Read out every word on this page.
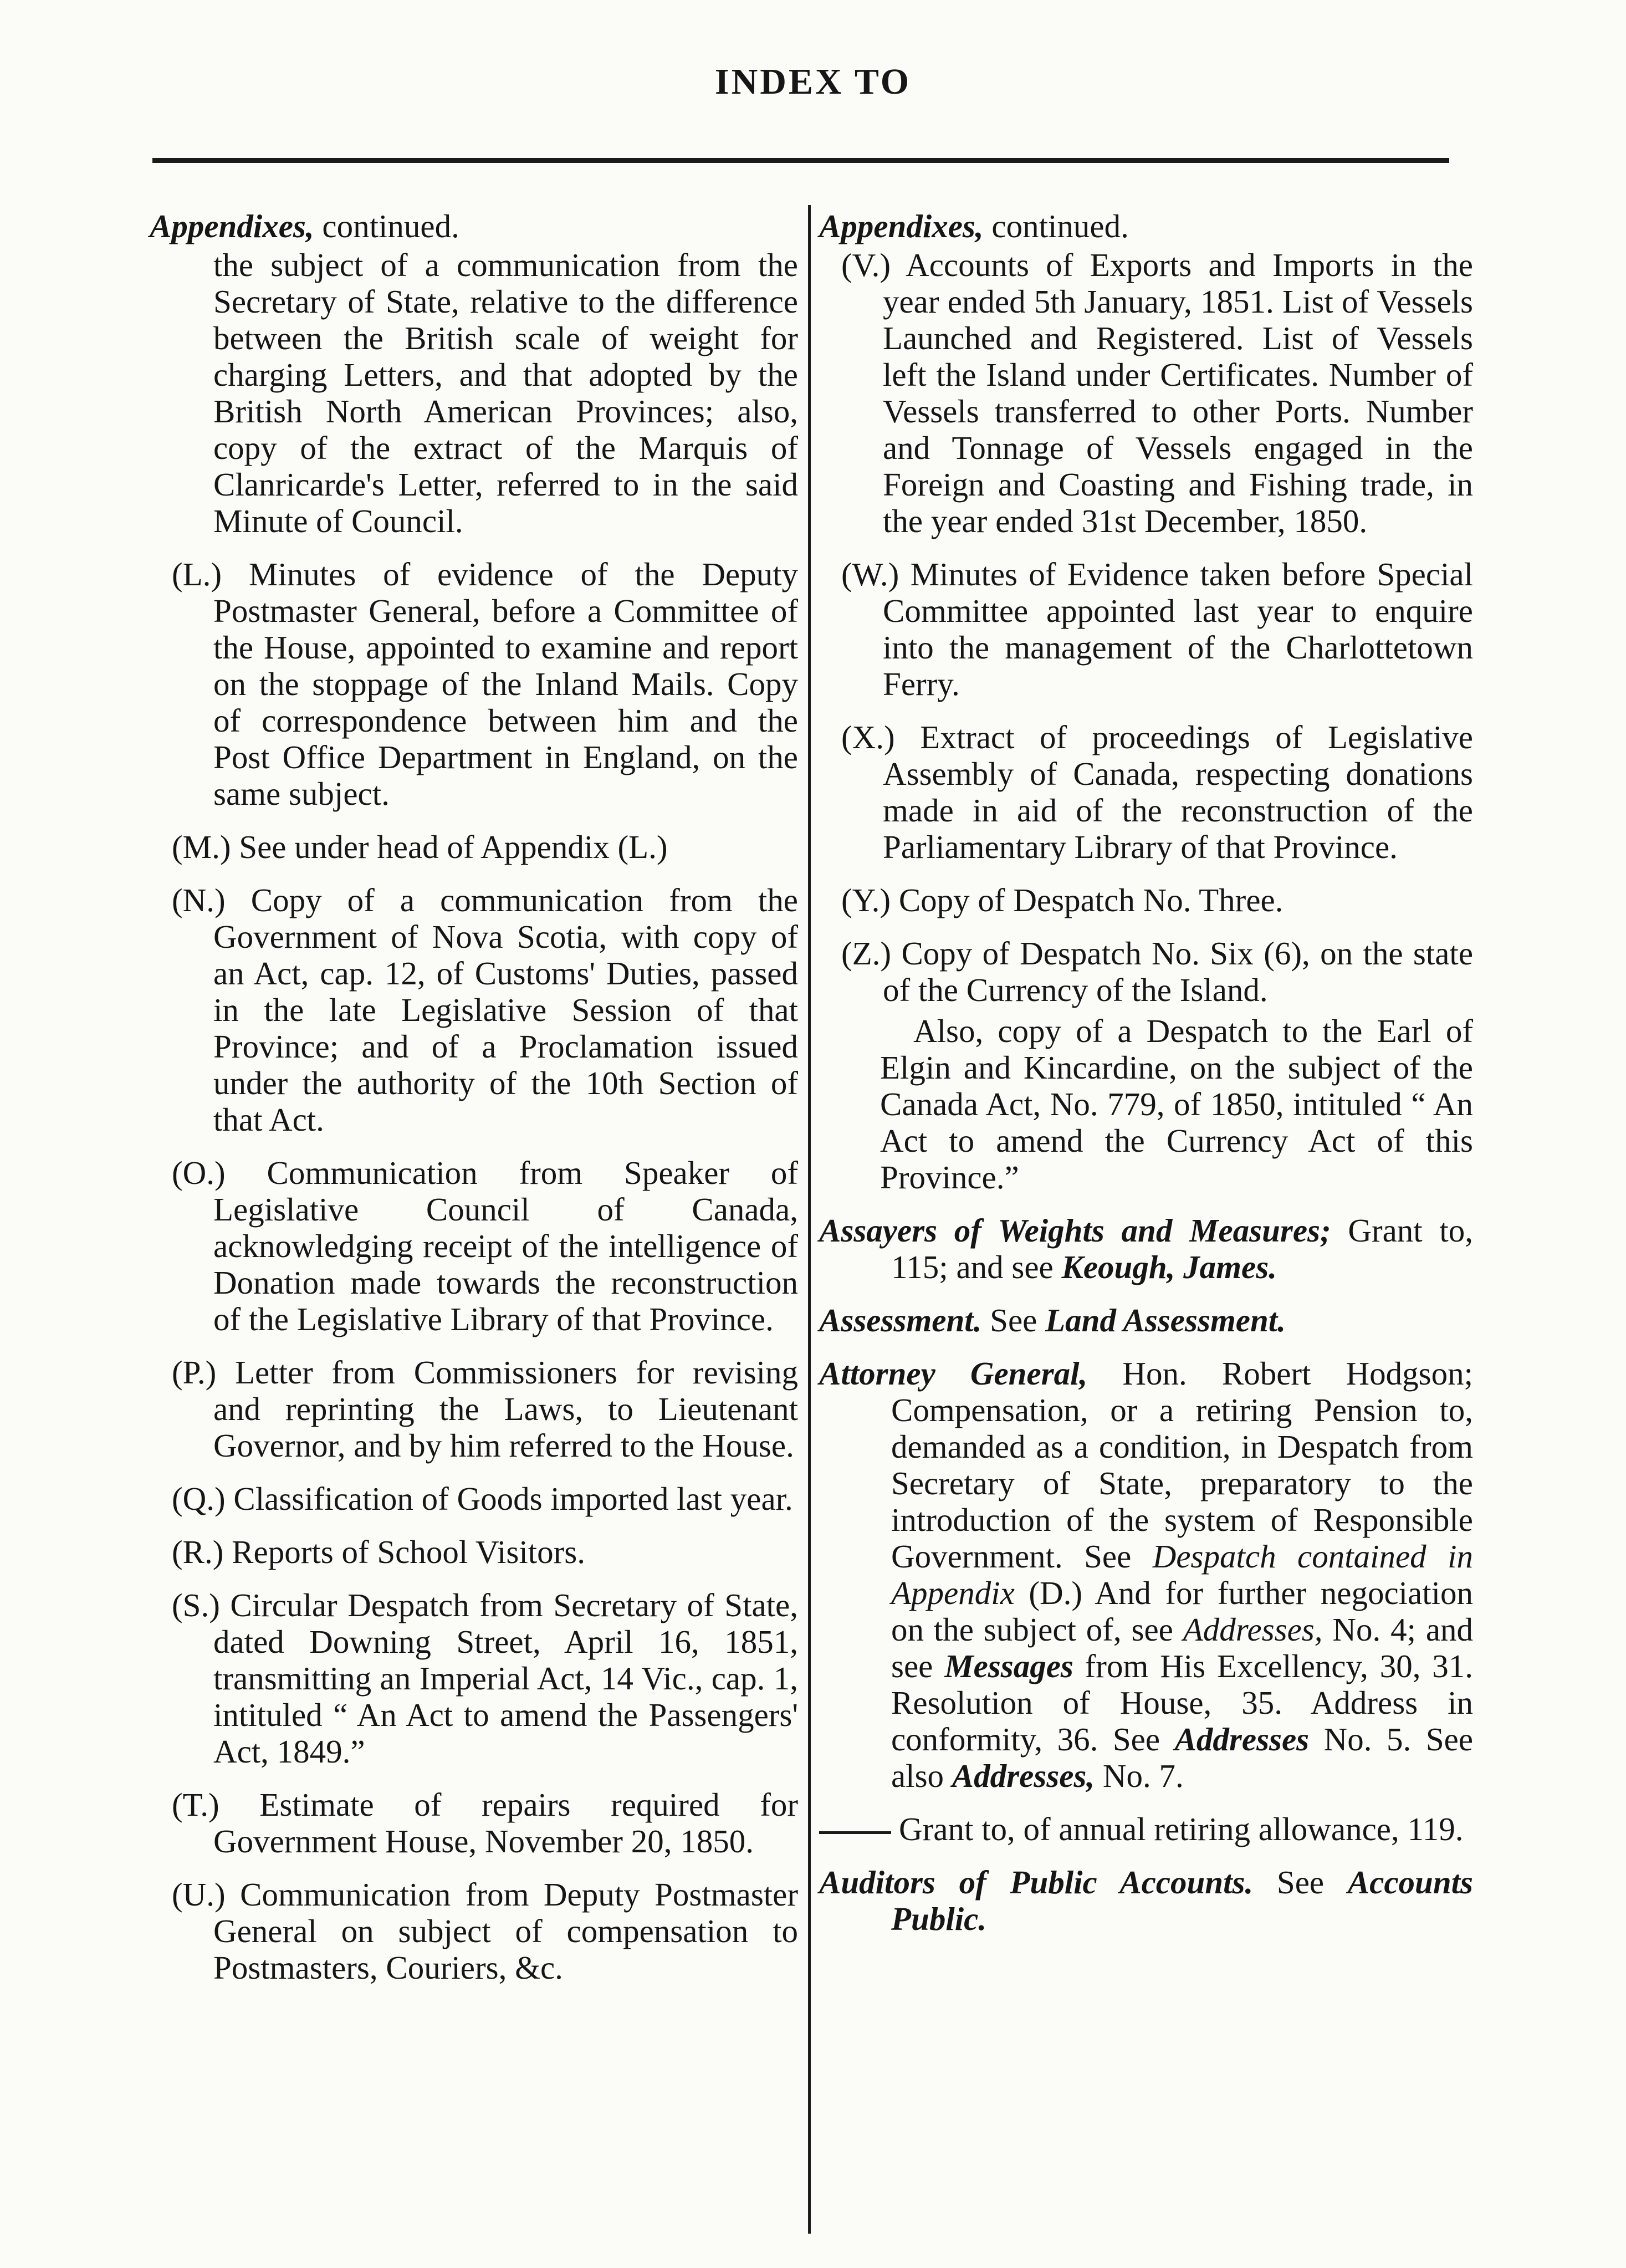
INDEX TO

Appendixes, continued.

the subject of a communication from the Secretary of State, relative to the difference between the British scale of weight for charging Letters, and that adopted by the British North American Provinces; also, copy of the extract of the Marquis of Clanricarde's Letter, referred to in the said Minute of Council.

(L.) Minutes of evidence of the Deputy Postmaster General, before a Committee of the House, appointed to examine and report on the stoppage of the Inland Mails. Copy of correspondence between him and the Post Office Department in England, on the same subject.

(M.) See under head of Appendix (L.)

(N.) Copy of a communication from the Government of Nova Scotia, with copy of an Act, cap. 12, of Customs' Duties, passed in the late Legislative Session of that Province; and of a Proclamation issued under the authority of the 10th Section of that Act.

(O.) Communication from Speaker of Legislative Council of Canada, acknowledging receipt of the intelligence of Donation made towards the reconstruction of the Legislative Library of that Province.

(P.) Letter from Commissioners for revising and reprinting the Laws, to Lieutenant Governor, and by him referred to the House.

(Q.) Classification of Goods imported last year.

(R.) Reports of School Visitors.

(S.) Circular Despatch from Secretary of State, dated Downing Street, April 16, 1851, transmitting an Imperial Act, 14 Vic., cap. 1, intituled “ An Act to amend the Passengers' Act, 1849.”

(T.) Estimate of repairs required for Government House, November 20, 1850.

(U.) Communication from Deputy Postmaster General on subject of compensation to Postmasters, Couriers, &c.

Appendixes, continued.

(V.) Accounts of Exports and Imports in the year ended 5th January, 1851. List of Vessels Launched and Registered. List of Vessels left the Island under Certificates. Number of Vessels transferred to other Ports. Number and Tonnage of Vessels engaged in the Foreign and Coasting and Fishing trade, in the year ended 31st December, 1850.

(W.) Minutes of Evidence taken before Special Committee appointed last year to enquire into the management of the Charlottetown Ferry.

(X.) Extract of proceedings of Legislative Assembly of Canada, respecting donations made in aid of the reconstruction of the Parliamentary Library of that Province.

(Y.) Copy of Despatch No. Three.

(Z.) Copy of Despatch No. Six (6), on the state of the Currency of the Island.

Also, copy of a Despatch to the Earl of Elgin and Kincardine, on the subject of the Canada Act, No. 779, of 1850, intituled “ An Act to amend the Currency Act of this Province.”

Assayers of Weights and Measures; Grant to, 115; and see Keough, James.

Assessment. See Land Assessment.

Attorney General, Hon. Robert Hodgson; Compensation, or a retiring Pension to, demanded as a condition, in Despatch from Secretary of State, preparatory to the introduction of the system of Responsible Government. See Despatch contained in Appendix (D.) And for further negociation on the subject of, see Addresses, No. 4; and see Messages from His Excellency, 30, 31. Resolution of House, 35. Address in conformity, 36. See Addresses No. 5. See also Addresses, No. 7.

Grant to, of annual retiring allowance, 119.

Auditors of Public Accounts. See Accounts Public.
